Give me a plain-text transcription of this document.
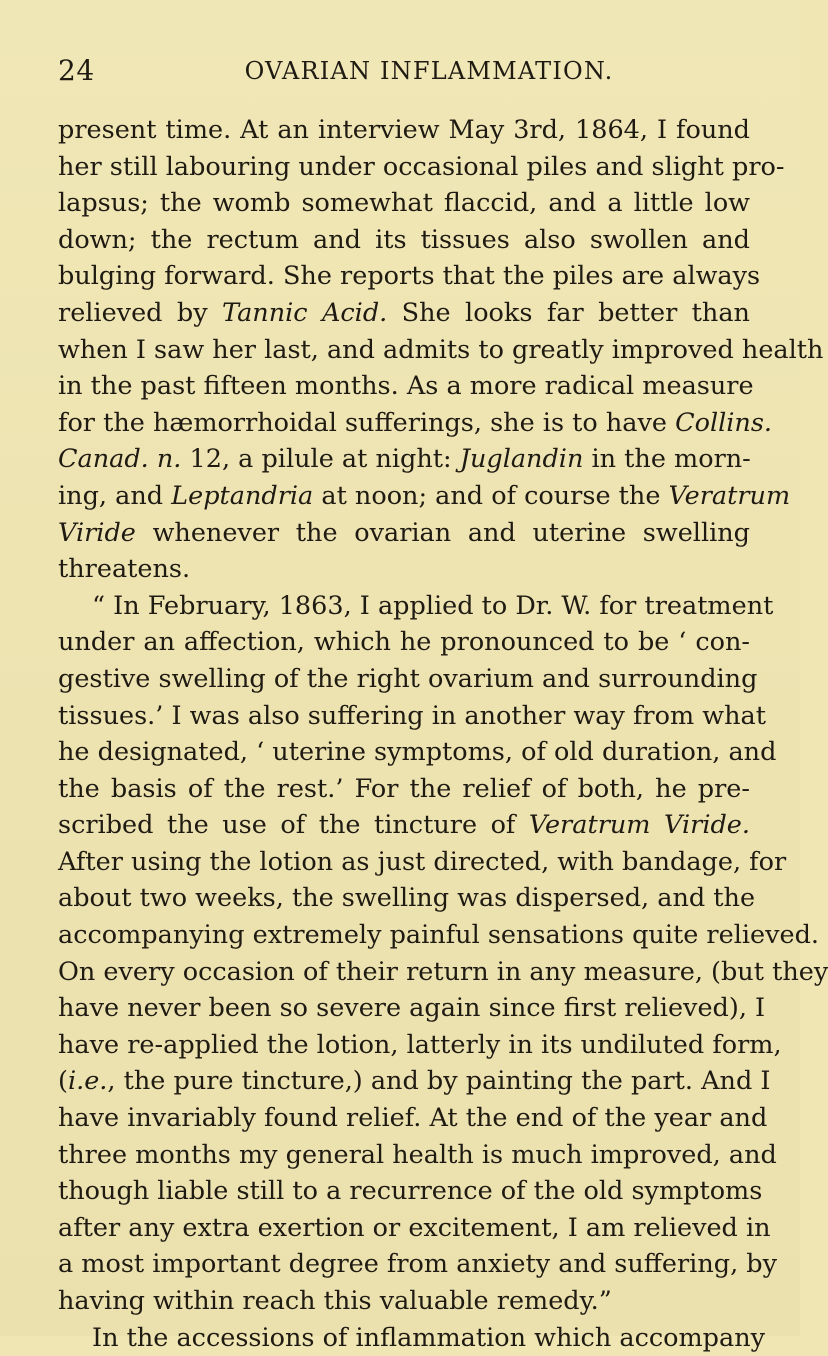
24	OVARIAN INFLAMMATION.
present time. At an interview May 3rd, 1864, I found
her still labouring under occasional piles and slight pro-
lapsus; the womb somewhat flaccid, and a little low
down; the rectum and its tissues also swollen and
bulging forward. She reports that the piles are always
relieved by Tannic Acid. She looks far better than
when I saw her last, and admits to greatly improved health
in the past fifteen months. As a more radical measure
for the hæmorrhoidal sufferings, she is to have Collins.
Canad. n. 12, a pilule at night: Juglandin in the morn-
ing, and Leptandria at noon; and of course the Veratrum
Viride whenever the ovarian and uterine swelling
threatens.
“ In February, 1863, I applied to Dr. W. for treatment
under an affection, which he pronounced to be ‘ con-
gestive swelling of the right ovarium and surrounding
tissues.’ I was also suffering in another way from what
he designated, ‘ uterine symptoms, of old duration, and
the basis of the rest.’ For the relief of both, he pre-
scribed the use of the tincture of Veratrum Viride.
After using the lotion as just directed, with bandage, for
about two weeks, the swelling was dispersed, and the
accompanying extremely painful sensations quite relieved.
On every occasion of their return in any measure, (but they
have never been so severe again since first relieved), I
have re-applied the lotion, latterly in its undiluted form,
(i.e., the pure tincture,) and by painting the part. And I
have invariably found relief. At the end of the year and
three months my general health is much improved, and
though liable still to a recurrence of the old symptoms
after any extra exertion or excitement, I am relieved in
a most important degree from anxiety and suffering, by
having within reach this valuable remedy.”
In the accessions of inflammation which accompany
